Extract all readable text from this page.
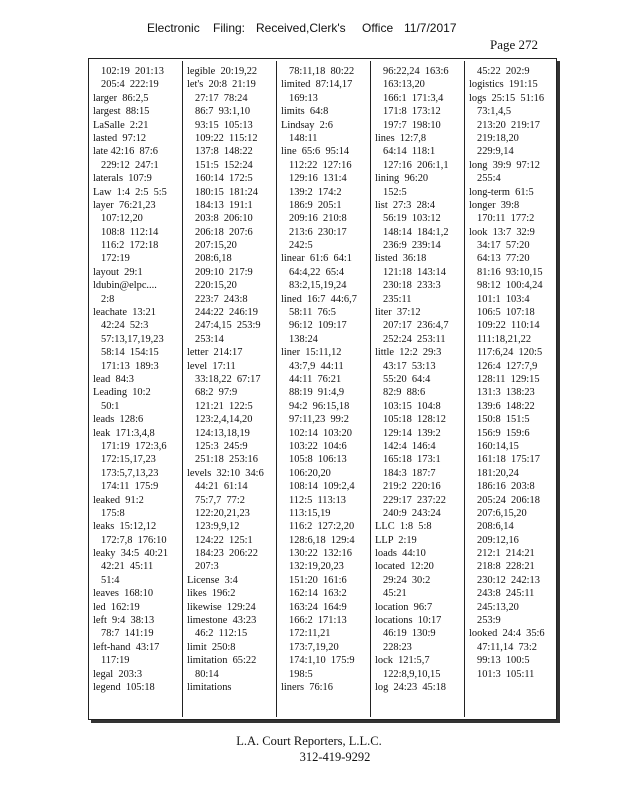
Electronic Filing: Received,Clerk's Office 11/7/2017
Page 272
102:19  201:13
205:4  222:19
larger  86:2,5
largest  88:15
LaSalle  2:21
lasted  97:12
late 42:16  87:6
229:12  247:1
laterals  107:9
Law  1:4  2:5  5:5
layer  76:21,23
107:12,20
108:8  112:14
116:2  172:18
172:19
layout  29:1
ldubin@elpc....
2:8
leachate  13:21
42:24  52:3
57:13,17,19,23
58:14  154:15
171:13  189:3
lead  84:3
Leading  10:2
50:1
leads  128:6
leak  171:3,4,8
171:19  172:3,6
172:15,17,23
173:5,7,13,23
174:11  175:9
leaked  91:2
175:8
leaks  15:12,12
172:7,8  176:10
leaky  34:5  40:21
42:21  45:11
51:4
leaves  168:10
led  162:19
left  9:4  38:13
78:7  141:19
left-hand  43:17
117:19
legal  203:3
legend  105:18
legible  20:19,22
let's  20:8  21:19
27:17  78:24
86:7  93:1,10
93:15  105:13
109:22  115:12
137:8  148:22
151:5  152:24
160:14  172:5
180:15  181:24
184:13  191:1
203:8  206:10
206:18  207:6
207:15,20
208:6,18
209:10  217:9
220:15,20
223:7  243:8
244:22  246:19
247:4,15  253:9
253:14
letter  214:17
level  17:11
33:18,22  67:17
68:2  97:9
121:21  122:5
123:2,4,14,20
124:13,18,19
125:3  245:9
251:18  253:16
levels  32:10  34:6
44:21  61:14
75:7,7  77:2
122:20,21,23
123:9,9,12
124:22  125:1
184:23  206:22
207:3
License  3:4
likes  196:2
likewise  129:24
limestone  43:23
46:2  112:15
limit  250:8
limitation  65:22
80:14
limitations
78:11,18  80:22
limited  87:14,17
169:13
limits  64:8
Lindsay  2:6
148:11
line  65:6  95:14
112:22  127:16
129:16  131:4
139:2  174:2
186:9  205:1
209:16  210:8
213:6  230:17
242:5
linear  61:6  64:1
64:4,22  65:4
83:2,15,19,24
lined  16:7  44:6,7
58:11  76:5
96:12  109:17
138:24
liner  15:11,12
43:7,9  44:11
44:11  76:21
88:19  91:4,9
94:2  96:15,18
97:11,23  99:2
102:14  103:20
103:22  104:6
105:8  106:13
106:20,20
108:14  109:2,4
112:5  113:13
113:15,19
116:2  127:2,20
128:6,18  129:4
130:22  132:16
132:19,20,23
151:20  161:6
162:14  163:2
163:24  164:9
166:2  171:13
172:11,21
173:7,19,20
174:1,10  175:9
198:5
liners  76:16
96:22,24  163:6
163:13,20
166:1  171:3,4
171:8  173:12
197:7  198:10
lines  12:7,8
64:14  118:1
127:16  206:1,1
lining  96:20
152:5
list  27:3  28:4
56:19  103:12
148:14  184:1,2
236:9  239:14
listed  36:18
121:18  143:14
230:18  233:3
235:11
liter  37:12
207:17  236:4,7
252:24  253:11
little  12:2  29:3
43:17  53:13
55:20  64:4
82:9  88:6
103:15  104:8
105:18  128:12
129:14  139:2
142:4  146:4
165:18  173:1
184:3  187:7
219:2  220:16
229:17  237:22
240:9  243:24
LLC  1:8  5:8
LLP  2:19
loads  44:10
located  12:20
29:24  30:2
45:21
location  96:7
locations  10:17
46:19  130:9
228:23
lock  121:5,7
122:8,9,10,15
log  24:23  45:18
45:22  202:9
logistics  191:15
logs  25:15  51:16
73:1,4,5
213:20  219:17
219:18,20
229:9,14
long  39:9  97:12
255:4
long-term  61:5
longer  39:8
170:11  177:2
look  13:7  32:9
34:17  57:20
64:13  77:20
81:16  93:10,15
98:12  100:4,24
101:1  103:4
106:5  107:18
109:22  110:14
111:18,21,22
117:6,24  120:5
126:4  127:7,9
128:11  129:15
131:3  138:23
139:6  148:22
150:8  151:5
156:9  159:6
160:14,15
161:18  175:17
181:20,24
186:16  203:8
205:24  206:18
207:6,15,20
208:6,14
209:12,16
212:1  214:21
218:8  228:21
230:12  242:13
243:8  245:11
245:13,20
253:9
looked  24:4  35:6
47:11,14  73:2
99:13  100:5
101:3  105:11
L.A. Court Reporters, L.L.C.
312-419-9292
